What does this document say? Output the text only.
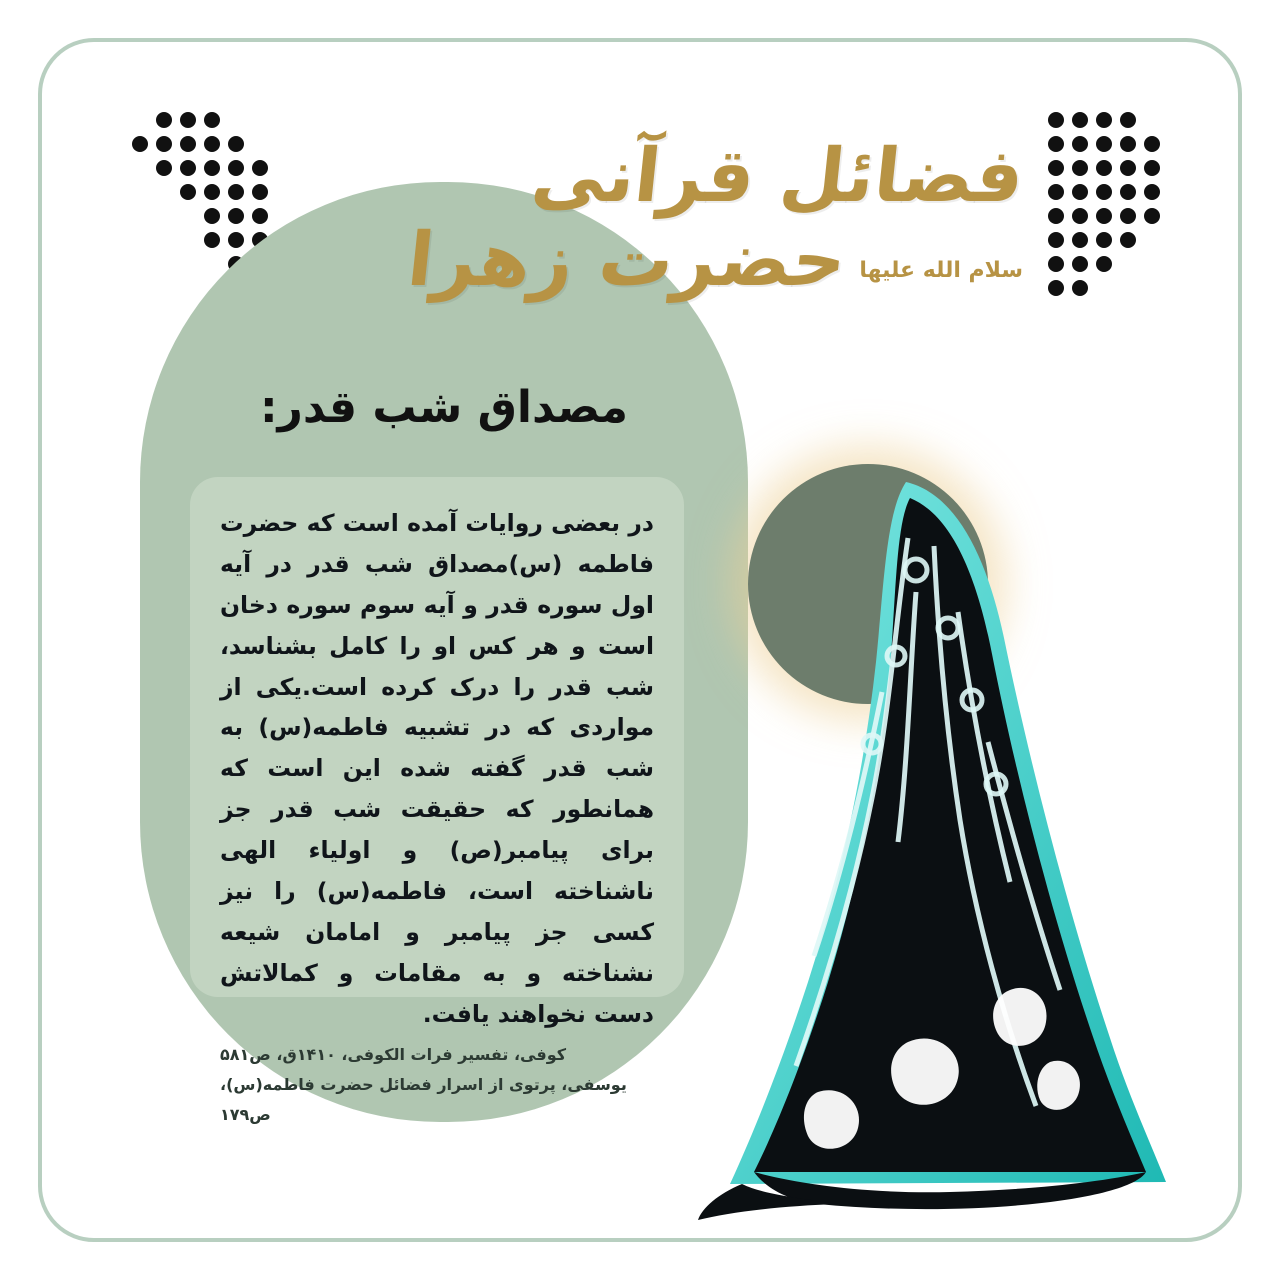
فضائل قرآنی
حضرت زهرا سلام الله علیها
مصداق شب قدر:
در بعضی روایات آمده است که حضرت فاطمه (س)مصداق شب قدر در آیه اول سوره قدر و آیه سوم سوره دخان است و هر کس او را کامل بشناسد، شب قدر را درک کرده است.یکی از مواردی که در تشبیه فاطمه(س) به شب قدر گفته شده این است که همانطور که حقیقت شب قدر جز برای پیامبر(ص) و اولیاء الهی ناشناخته است، فاطمه(س) را نیز کسی جز پیامبر و امامان شیعه نشناخته و به مقامات و کمالاتش دست نخواهند یافت.
کوفی، تفسیر فرات الکوفی، ۱۴۱۰ق، ص۵۸۱
یوسفی، پرتوی از اسرار فضائل حضرت فاطمه(س)، ص۱۷۹
